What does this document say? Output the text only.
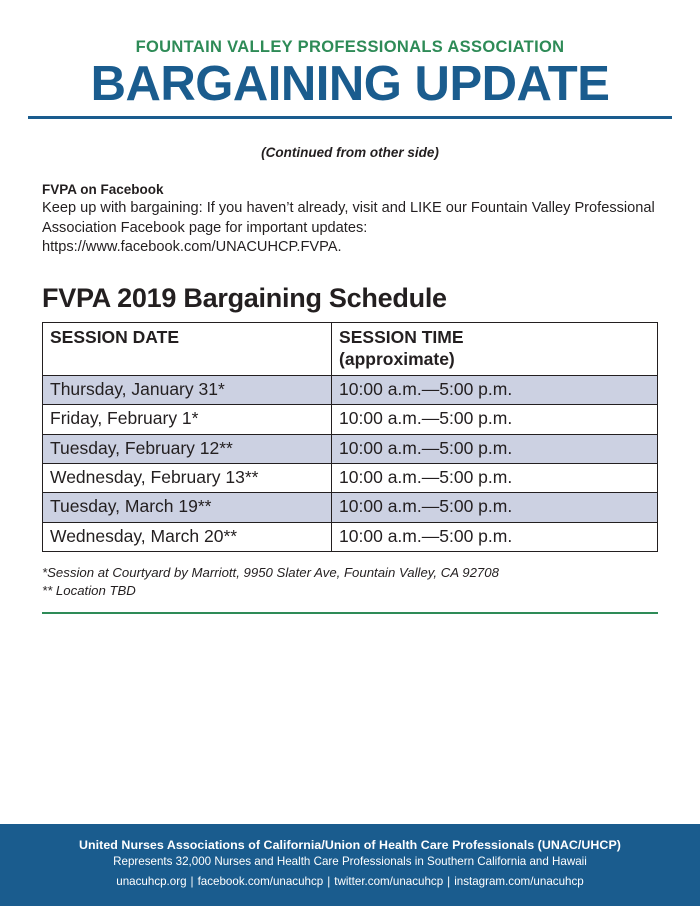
FOUNTAIN VALLEY PROFESSIONALS ASSOCIATION
BARGAINING UPDATE
(Continued from other side)
FVPA on Facebook
Keep up with bargaining: If you haven’t already, visit and LIKE our Fountain Valley Professional Association Facebook page for important updates: https://www.facebook.com/UNACUHCP.FVPA.
FVPA 2019 Bargaining Schedule
SESSION DATE	SESSION TIME
(approximate)

Thursday, January 31*	10:00 a.m.—5:00 p.m.
Friday, February 1*	10:00 a.m.—5:00 p.m.
Tuesday, February 12**	10:00 a.m.—5:00 p.m.
Wednesday, February 13**	10:00 a.m.—5:00 p.m.
Tuesday, March 19**	10:00 a.m.—5:00 p.m.
Wednesday, March 20**	10:00 a.m.—5:00 p.m.
*Session at Courtyard by Marriott, 9950 Slater Ave, Fountain Valley, CA 92708
** Location TBD
United Nurses Associations of California/Union of Health Care Professionals (UNAC/UHCP)
Represents 32,000 Nurses and Health Care Professionals in Southern California and Hawaii
unacuhcp.org | facebook.com/unacuhcp | twitter.com/unacuhcp | instagram.com/unacuhcp
